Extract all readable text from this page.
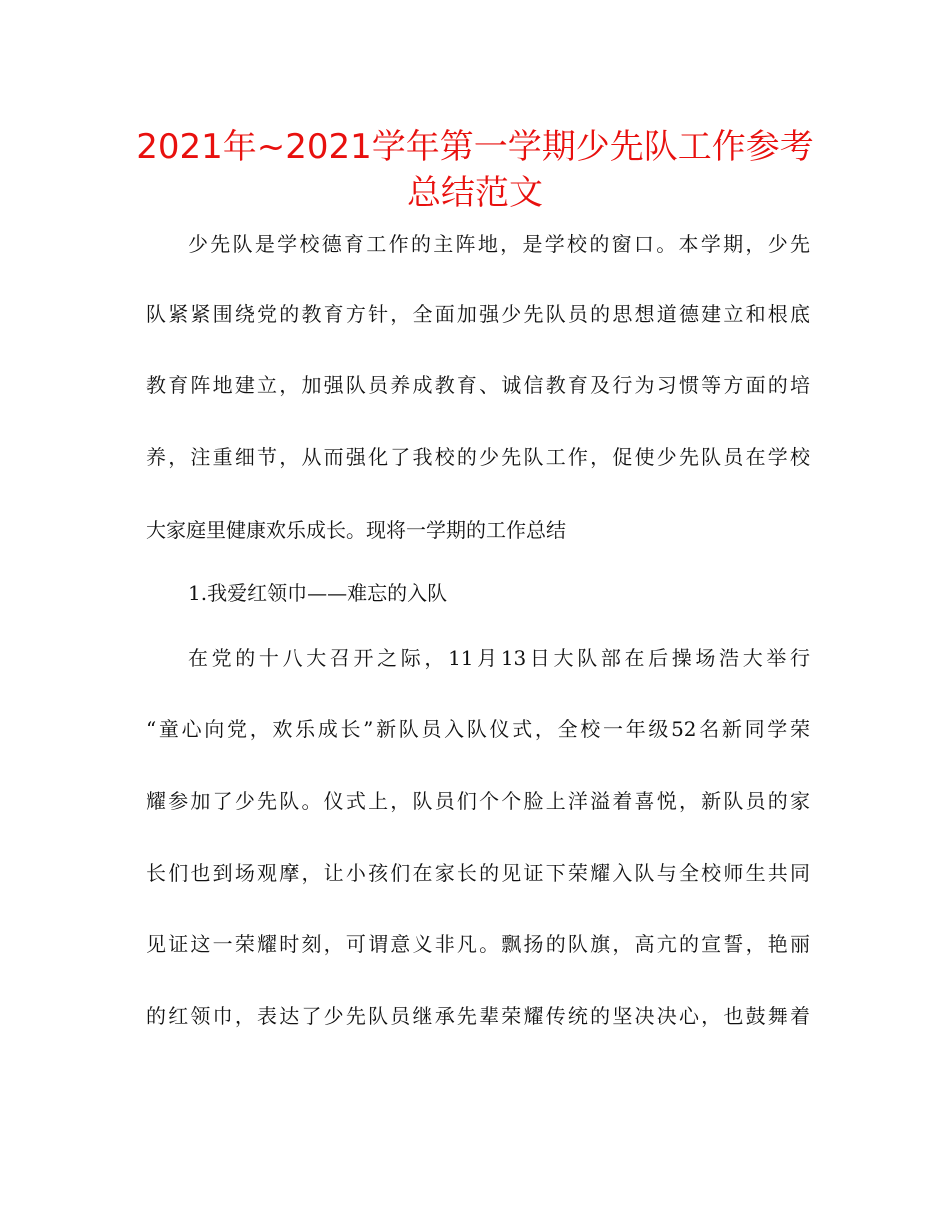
2021年~2021学年第一学期少先队工作参考
总结范文

少先队是学校德育工作的主阵地，是学校的窗口。本学期，少先

队紧紧围绕党的教育方针，全面加强少先队员的思想道德建立和根底

教育阵地建立，加强队员养成教育、诚信教育及行为习惯等方面的培

养，注重细节，从而强化了我校的少先队工作，促使少先队员在学校

大家庭里健康欢乐成长。现将一学期的工作总结

1.我爱红领巾——难忘的入队

在党的十八大召开之际，11月13日大队部在后操场浩大举行

“童心向党，欢乐成长”新队员入队仪式，全校一年级52名新同学荣

耀参加了少先队。仪式上，队员们个个脸上洋溢着喜悦，新队员的家

长们也到场观摩，让小孩们在家长的见证下荣耀入队与全校师生共同

见证这一荣耀时刻，可谓意义非凡。飘扬的队旗，高亢的宣誓，艳丽

的红领巾，表达了少先队员继承先辈荣耀传统的坚决决心，也鼓舞着
